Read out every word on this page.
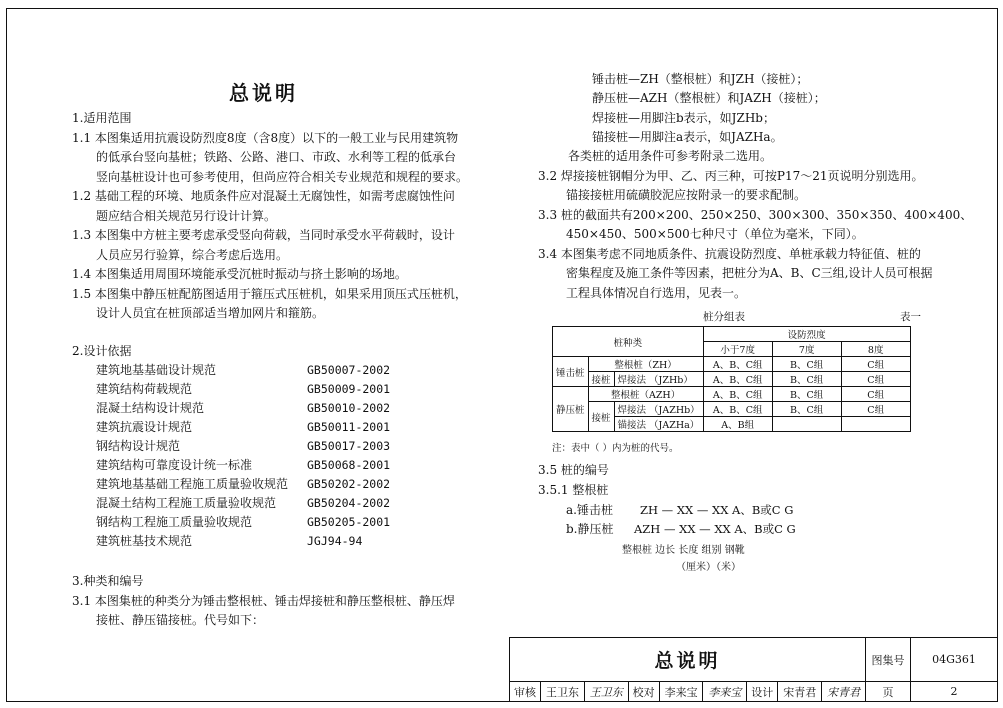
总说明
1.适用范围
1.1 本图集适用抗震设防烈度8度（含8度）以下的一般工业与民用建筑物
的低承台竖向基桩；铁路、公路、港口、市政、水利等工程的低承台
竖向基桩设计也可参考使用，但尚应符合相关专业规范和规程的要求。
1.2 基础工程的环境、地质条件应对混凝土无腐蚀性，如需考虑腐蚀性问
题应结合相关规范另行设计计算。
1.3 本图集中方桩主要考虑承受竖向荷载，当同时承受水平荷载时，设计
人员应另行验算，综合考虑后选用。
1.4 本图集适用周围环境能承受沉桩时振动与挤土影响的场地。
1.5 本图集中静压桩配筋图适用于箍压式压桩机，如果采用顶压式压桩机，
设计人员宜在桩顶部适当增加网片和箍筋。
2.设计依据
建筑地基基础设计规范	GB50007-2002
建筑结构荷载规范	GB50009-2001
混凝土结构设计规范	GB50010-2002
建筑抗震设计规范	GB50011-2001
钢结构设计规范	GB50017-2003
建筑结构可靠度设计统一标准	GB50068-2001
建筑地基基础工程施工质量验收规范 GB50202-2002
混凝土结构工程施工质量验收规范	GB50204-2002
钢结构工程施工质量验收规范	GB50205-2001
建筑桩基技术规范	JGJ94-94
3.种类和编号
3.1 本图集桩的种类分为锤击整根桩、锤击焊接桩和静压整根桩、静压焊
接桩、静压锚接桩。代号如下：
锤击桩—ZH（整根桩）和JZH（接桩）；
静压桩—AZH（整根桩）和JAZH（接桩）；
焊接桩—用脚注b表示，如JZHb；
锚接桩—用脚注a表示，如JAZHa。
各类桩的适用条件可参考附录二选用。
3.2 焊接接桩钢帽分为甲、乙、丙三种，可按P17～21页说明分别选用。
锚接接桩用硫磺胶泥应按附录一的要求配制。
3.3 桩的截面共有200×200、250×250、300×300、350×350、400×400、
450×450、500×500七种尺寸（单位为毫米，下同）。
3.4 本图集考虑不同地质条件、抗震设防烈度、单桩承载力特征值、桩的
密集程度及施工条件等因素，把桩分为A、B、C三组,设计人员可根据
工程具体情况自行选用，见表一。
桩分组表	表一
桩种类			设防烈度		
			小于7度	7度	8度
锤击桩	整根桩（ZH）		A、B、C组	B、C组	C组
	接桩	焊接法 （JZHb）	A、B、C组	B、C组	C组
静压桩	整根桩（AZH）		A、B、C组	B、C组	C组
	接桩	焊接法 （JAZHb）	A、B、C组	B、C组	C组
		锚接法 （JAZHa）	A、B组		
注：表中（ ）内为桩的代号。
3.5 桩的编号
3.5.1 整根桩
a.锤击桩 ZH — XX — XX A、B或C G
b.静压桩 AZH — XX — XX A、B或C G
整根桩 边长 长度 组别 钢靴
（厘米）（米）
总说明									图集号	04G361
审核	王卫东	王卫东	校对	李来宝	李来宝	设计	宋青君	宋青君	页	2
